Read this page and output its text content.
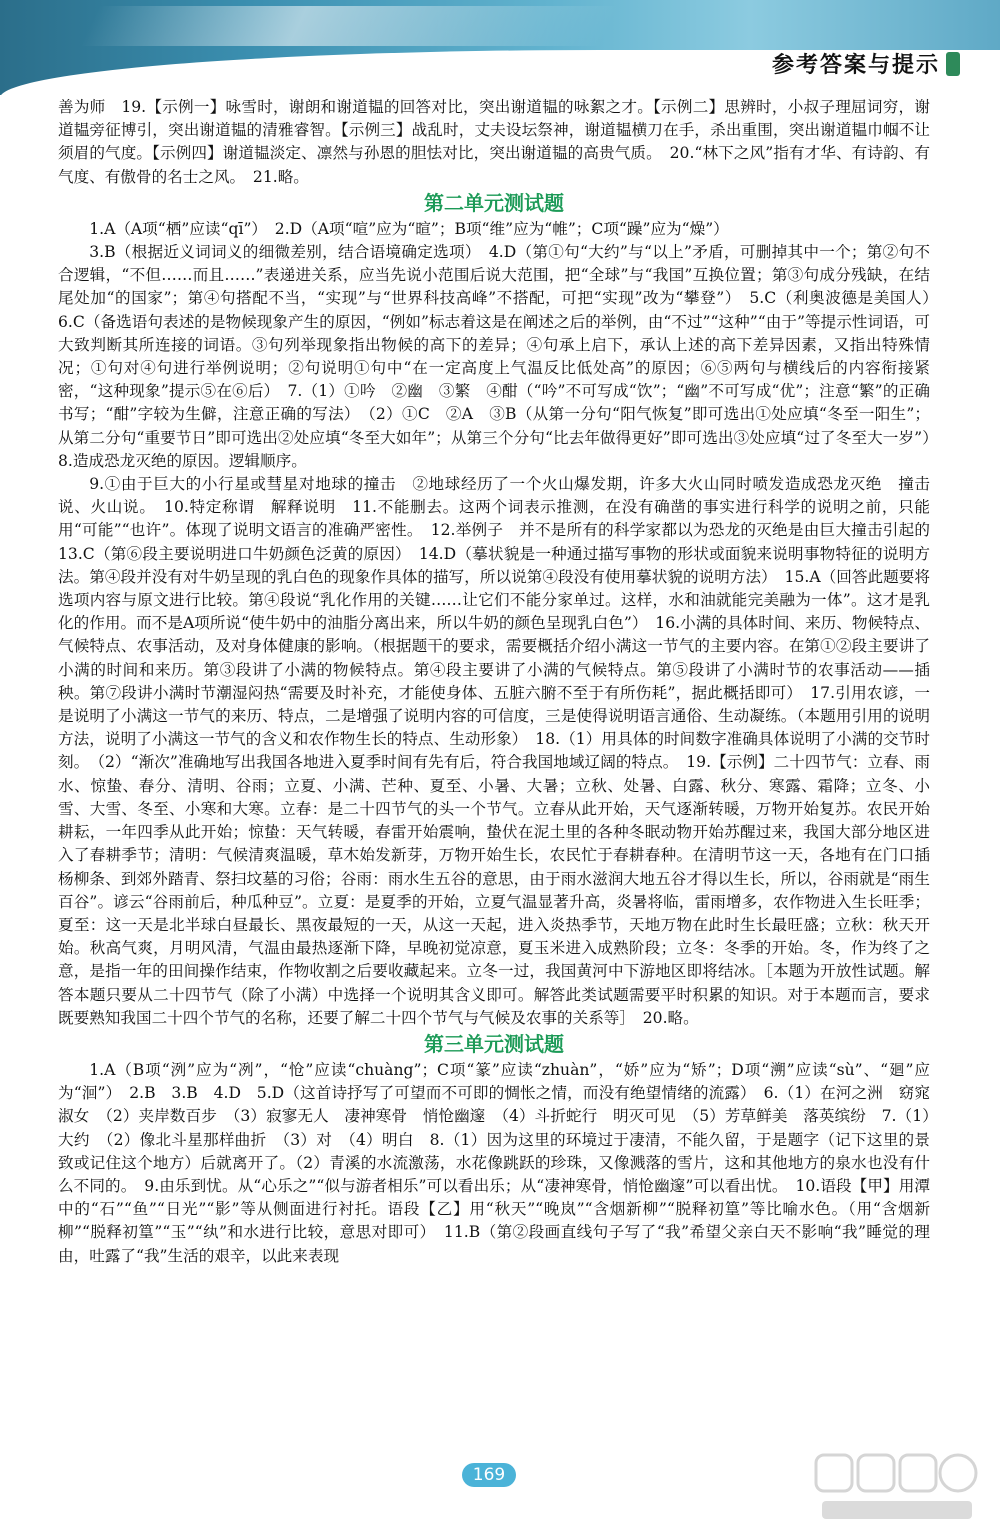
参考答案与提示

善为师　19.【示例一】咏雪时，谢朗和谢道韫的回答对比，突出谢道韫的咏絮之才。【示例二】思辨时，小叔子理屈词穷，谢道韫旁征博引，突出谢道韫的清雅睿智。【示例三】战乱时，丈夫设坛祭神，谢道韫横刀在手，杀出重围，突出谢道韫巾帼不让须眉的气度。【示例四】谢道韫淡定、凛然与孙恩的胆怯对比，突出谢道韫的高贵气质。　20.“林下之风”指有才华、有诗韵、有气度、有傲骨的名士之风。　21.略。

第二单元测试题

1.A（A项“栖”应读“qī”）　2.D（A项“喧”应为“暄”；B项“维”应为“帷”；C项“躁”应为“燥”）

3.B（根据近义词词义的细微差别，结合语境确定选项）　4.D（第①句“大约”与“以上”矛盾，可删掉其中一个；第②句不合逻辑，“不但……而且……”表递进关系，应当先说小范围后说大范围，把“全球”与“我国”互换位置；第③句成分残缺，在结尾处加“的国家”；第④句搭配不当，“实现”与“世界科技高峰”不搭配，可把“实现”改为“攀登”）　5.C（利奥波德是美国人）　6.C（备选语句表述的是物候现象产生的原因，“例如”标志着这是在阐述之后的举例，由“不过”“这种”“由于”等提示性词语，可大致判断其所连接的词语。③句列举现象指出物候的高下的差异；④句承上启下，承认上述的高下差异因素，又指出特殊情况；①句对④句进行举例说明；②句说明①句中“在一定高度上气温反比低处高”的原因；⑥⑤两句与横线后的内容衔接紧密，“这种现象”提示⑤在⑥后）　7.（1）①吟　②幽　③繁　④酣（“吟”不可写成“饮”；“幽”不可写成“优”；注意“繁”的正确书写；“酣”字较为生僻，注意正确的写法）　（2）①C　②A　③B（从第一分句“阳气恢复”即可选出①处应填“冬至一阳生”；从第二分句“重要节日”即可选出②处应填“冬至大如年”；从第三个分句“比去年做得更好”即可选出③处应填“过了冬至大一岁”）　8.造成恐龙灭绝的原因。逻辑顺序。

9.①由于巨大的小行星或彗星对地球的撞击　②地球经历了一个火山爆发期，许多大火山同时喷发造成恐龙灭绝　撞击说、火山说。　10.特定称谓　解释说明　11.不能删去。这两个词表示推测，在没有确凿的事实进行科学的说明之前，只能用“可能”“也许”。体现了说明文语言的准确严密性。　12.举例子　并不是所有的科学家都以为恐龙的灭绝是由巨大撞击引起的　13.C（第⑥段主要说明进口牛奶颜色泛黄的原因）　14.D（摹状貌是一种通过描写事物的形状或面貌来说明事物特征的说明方法。第④段并没有对牛奶呈现的乳白色的现象作具体的描写，所以说第④段没有使用摹状貌的说明方法）　15.A（回答此题要将选项内容与原文进行比较。第④段说“乳化作用的关键……让它们不能分家单过。这样，水和油就能完美融为一体”。这才是乳化的作用。而不是A项所说“使牛奶中的油脂分离出来，所以牛奶的颜色呈现乳白色”）　16.小满的具体时间、来历、物候特点、气候特点、农事活动，及对身体健康的影响。（根据题干的要求，需要概括介绍小满这一节气的主要内容。在第①②段主要讲了小满的时间和来历。第③段讲了小满的物候特点。第④段主要讲了小满的气候特点。第⑤段讲了小满时节的农事活动——插秧。第⑦段讲小满时节潮湿闷热“需要及时补充，才能使身体、五脏六腑不至于有所伤耗”，据此概括即可）　17.引用农谚，一是说明了小满这一节气的来历、特点，二是增强了说明内容的可信度，三是使得说明语言通俗、生动凝练。（本题用引用的说明方法，说明了小满这一节气的含义和农作物生长的特点、生动形象）　18.（1）用具体的时间数字准确具体说明了小满的交节时刻。　（2）“渐次”准确地写出我国各地进入夏季时间有先有后，符合我国地域辽阔的特点。　19.【示例】二十四节气：立春、雨水、惊蛰、春分、清明、谷雨；立夏、小满、芒种、夏至、小暑、大暑；立秋、处暑、白露、秋分、寒露、霜降；立冬、小雪、大雪、冬至、小寒和大寒。立春：是二十四节气的头一个节气。立春从此开始，天气逐渐转暖，万物开始复苏。农民开始耕耘，一年四季从此开始；惊蛰：天气转暖，春雷开始震响，蛰伏在泥土里的各种冬眠动物开始苏醒过来，我国大部分地区进入了春耕季节；清明：气候清爽温暖，草木始发新芽，万物开始生长，农民忙于春耕春种。在清明节这一天，各地有在门口插杨柳条、到郊外踏青、祭扫坟墓的习俗；谷雨：雨水生五谷的意思，由于雨水滋润大地五谷才得以生长，所以，谷雨就是“雨生百谷”。谚云“谷雨前后，种瓜种豆”。立夏：是夏季的开始，立夏气温显著升高，炎暑将临，雷雨增多，农作物进入生长旺季；夏至：这一天是北半球白昼最长、黑夜最短的一天，从这一天起，进入炎热季节，天地万物在此时生长最旺盛；立秋：秋天开始。秋高气爽，月明风清，气温由最热逐渐下降，早晚初觉凉意，夏玉米进入成熟阶段；立冬：冬季的开始。冬，作为终了之意，是指一年的田间操作结束，作物收割之后要收藏起来。立冬一过，我国黄河中下游地区即将结冰。［本题为开放性试题。解答本题只要从二十四节气（除了小满）中选择一个说明其含义即可。解答此类试题需要平时积累的知识。对于本题而言，要求既要熟知我国二十四个节气的名称，还要了解二十四个节气与气候及农事的关系等］　20.略。

第三单元测试题

1.A（B项“洌”应为“冽”，“怆”应读“chuàng”；C项“篆”应读“zhuàn”，“娇”应为“矫”；D项“溯”应读“sù”、“廻”应为“洄”）　2.B　3.B　4.D　5.D（这首诗抒写了可望而不可即的惆怅之情，而没有绝望情绪的流露）　6.（1）在河之洲　窈窕淑女　（2）夹岸数百步　（3）寂寥无人　凄神寒骨　悄怆幽邃　（4）斗折蛇行　明灭可见　（5）芳草鲜美　落英缤纷　7.（1）大约　（2）像北斗星那样曲折　（3）对　（4）明白　8.（1）因为这里的环境过于凄清，不能久留，于是题字（记下这里的景致或记住这个地方）后就离开了。（2）青溪的水流激荡，水花像跳跃的珍珠，又像溅落的雪片，这和其他地方的泉水也没有什么不同的。　9.由乐到忧。从“心乐之”“似与游者相乐”可以看出乐；从“凄神寒骨，悄怆幽邃”可以看出忧。　10.语段【甲】用潭中的“石”“鱼”“日光”“影”等从侧面进行衬托。语段【乙】用“秋天”“晚岚”“含烟新柳”“脱释初篁”等比喻水色。（用“含烟新柳”“脱释初篁”“玉”“纨”和水进行比较，意思对即可）　11.B（第②段画直线句子写了“我”希望父亲白天不影响“我”睡觉的理由，吐露了“我”生活的艰辛，以此来表现

169
